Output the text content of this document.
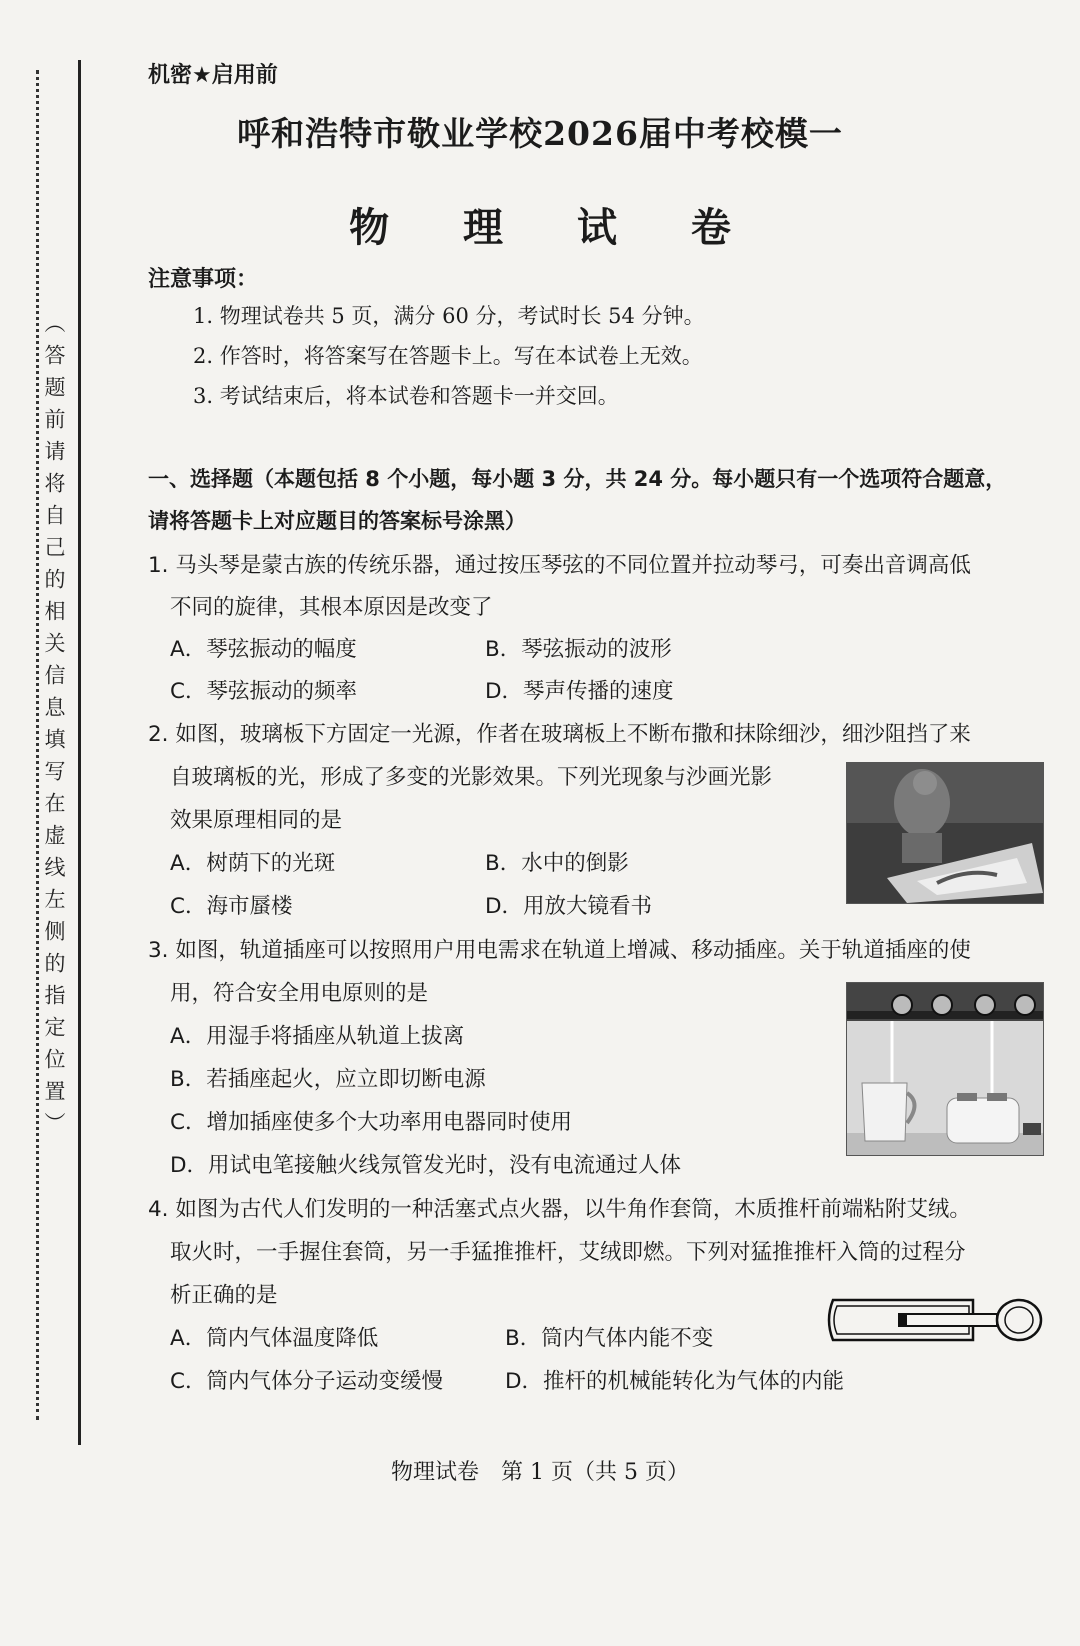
（答题前请将自己的相关信息填写在虚线左侧的指定位置）
机密★启用前
呼和浩特市敬业学校2026届中考校模一
物 理 试 卷
注意事项：
1. 物理试卷共 5 页，满分 60 分，考试时长 54 分钟。
2. 作答时，将答案写在答题卡上。写在本试卷上无效。
3. 考试结束后，将本试卷和答题卡一并交回。
一、选择题（本题包括 8 个小题，每小题 3 分，共 24 分。每小题只有一个选项符合题意，
请将答题卡上对应题目的答案标号涂黑）
1. 马头琴是蒙古族的传统乐器，通过按压琴弦的不同位置并拉动琴弓，可奏出音调高低
不同的旋律，其根本原因是改变了
A．琴弦振动的幅度	B．琴弦振动的波形
C．琴弦振动的频率	D．琴声传播的速度
2. 如图，玻璃板下方固定一光源，作者在玻璃板上不断布撒和抹除细沙，细沙阻挡了来
自玻璃板的光，形成了多变的光影效果。下列光现象与沙画光影
效果原理相同的是
A．树荫下的光斑	B．水中的倒影
C．海市蜃楼	D．用放大镜看书
3. 如图，轨道插座可以按照用户用电需求在轨道上增减、移动插座。关于轨道插座的使
用，符合安全用电原则的是
A．用湿手将插座从轨道上拔离
B．若插座起火，应立即切断电源
C．增加插座使多个大功率用电器同时使用
D．用试电笔接触火线氖管发光时，没有电流通过人体
4. 如图为古代人们发明的一种活塞式点火器，以牛角作套筒，木质推杆前端粘附艾绒。
取火时，一手握住套筒，另一手猛推推杆，艾绒即燃。下列对猛推推杆入筒的过程分
析正确的是
A．筒内气体温度降低	B．筒内气体内能不变
C．筒内气体分子运动变缓慢	D．推杆的机械能转化为气体的内能
物理试卷　第 1 页（共 5 页）
